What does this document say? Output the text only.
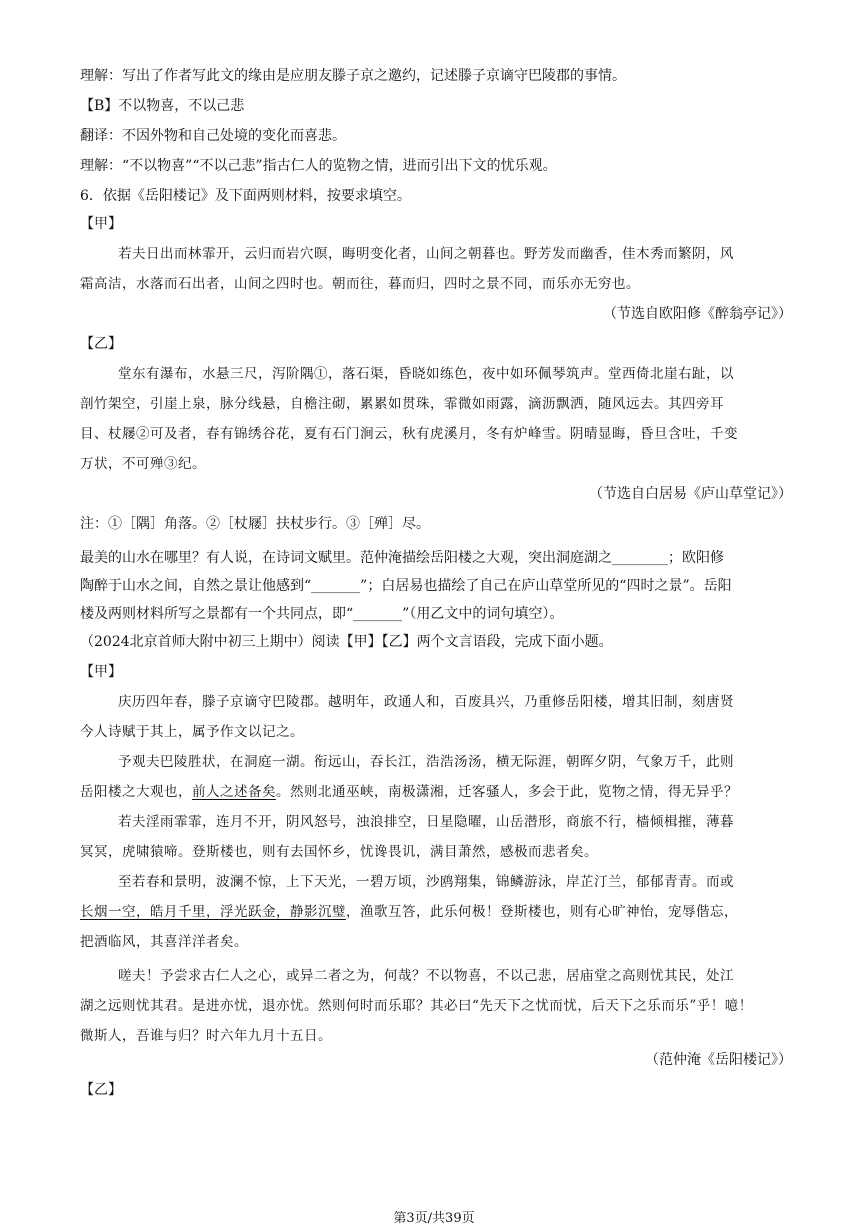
理解：写出了作者写此文的缘由是应朋友滕子京之邀约，记述滕子京谪守巴陵郡的事情。
【B】不以物喜，不以己悲
翻译：不因外物和自己处境的变化而喜悲。
理解：“不以物喜”“不以己悲”指古仁人的览物之情，进而引出下文的忧乐观。
6．依据《岳阳楼记》及下面两则材料，按要求填空。
【甲】
若夫日出而林霏开，云归而岩穴暝，晦明变化者，山间之朝暮也。野芳发而幽香，佳木秀而繁阴，风
霜高洁，水落而石出者，山间之四时也。朝而往，暮而归，四时之景不同，而乐亦无穷也。
（节选自欧阳修《醉翁亭记》）
【乙】
堂东有瀑布，水悬三尺，泻阶隅①，落石渠，昏晓如练色，夜中如环佩琴筑声。堂西倚北崖右趾，以
剖竹架空，引崖上泉，脉分线悬，自檐注砌，累累如贯珠，霏微如雨露，滴沥飘洒，随风远去。其四旁耳
目、杖屦②可及者，春有锦绣谷花，夏有石门涧云，秋有虎溪月，冬有炉峰雪。阴晴显晦，昏旦含吐，千变
万状，不可殚③纪。
（节选自白居易《庐山草堂记》）
注：①［隅］角落。②［杖屦］扶杖步行。③［殚］尽。
最美的山水在哪里？有人说，在诗词文赋里。范仲淹描绘岳阳楼之大观，突出洞庭湖之________；欧阳修
陶醉于山水之间，自然之景让他感到“_______”；白居易也描绘了自己在庐山草堂所见的“四时之景”。岳阳
楼及两则材料所写之景都有一个共同点，即“_______”（用乙文中的词句填空）。
（2024北京首师大附中初三上期中）阅读【甲】【乙】两个文言语段，完成下面小题。
【甲】
庆历四年春，滕子京谪守巴陵郡。越明年，政通人和，百废具兴，乃重修岳阳楼，增其旧制，刻唐贤
今人诗赋于其上，属予作文以记之。
予观夫巴陵胜状，在洞庭一湖。衔远山，吞长江，浩浩汤汤，横无际涯，朝晖夕阴，气象万千，此则
岳阳楼之大观也，前人之述备矣。然则北通巫峡，南极潇湘，迁客骚人，多会于此，览物之情，得无异乎？
若夫淫雨霏霏，连月不开，阴风怒号，浊浪排空，日星隐曜，山岳潜形，商旅不行，樯倾楫摧，薄暮
冥冥，虎啸猿啼。登斯楼也，则有去国怀乡，忧谗畏讥，满目萧然，感极而悲者矣。
至若春和景明，波澜不惊，上下天光，一碧万顷，沙鸥翔集，锦鳞游泳，岸芷汀兰，郁郁青青。而或
长烟一空，皓月千里，浮光跃金，静影沉璧，渔歌互答，此乐何极！登斯楼也，则有心旷神怡，宠辱偕忘，
把酒临风，其喜洋洋者矣。
嗟夫！予尝求古仁人之心，或异二者之为，何哉？不以物喜，不以己悲，居庙堂之高则忧其民，处江
湖之远则忧其君。是进亦忧，退亦忧。然则何时而乐耶？其必曰“先天下之忧而忧，后天下之乐而乐”乎！噫！
微斯人，吾谁与归？时六年九月十五日。
（范仲淹《岳阳楼记》）
【乙】
第3页/共39页
